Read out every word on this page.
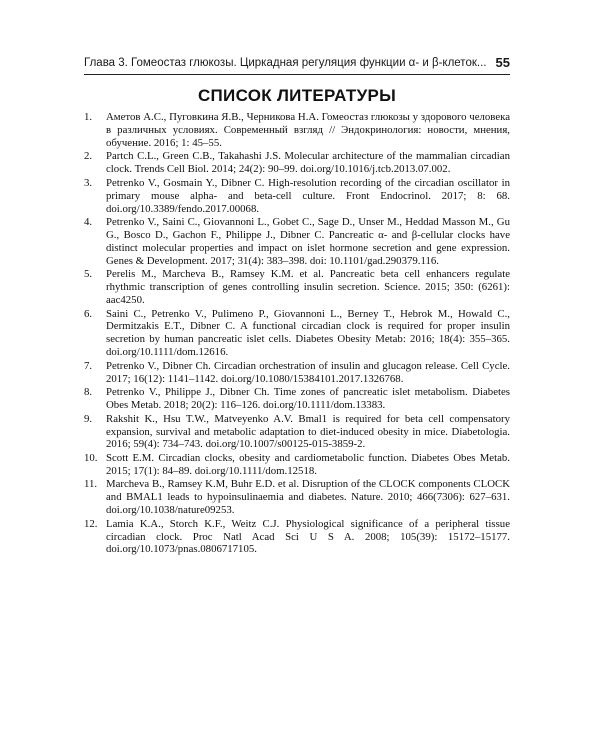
Глава 3. Гомеостаз глюкозы. Циркадная регуляция функции α- и β-клеток... 55
СПИСОК ЛИТЕРАТУРЫ
1. Аметов А.С., Пуговкина Я.В., Черникова Н.А. Гомеостаз глюкозы у здорового человека в различных условиях. Современный взгляд // Эндокринология: новости, мнения, обучение. 2016; 1: 45–55.
2. Partch C.L., Green C.B., Takahashi J.S. Molecular architecture of the mammalian circadian clock. Trends Cell Biol. 2014; 24(2): 90–99. doi.org/10.1016/j.tcb.2013.07.002.
3. Petrenko V., Gosmain Y., Dibner C. High-resolution recording of the circadian oscillator in primary mouse alpha- and beta-cell culture. Front Endocrinol. 2017; 8: 68. doi.org/10.3389/fendo.2017.00068.
4. Petrenko V., Saini C., Giovannoni L., Gobet C., Sage D., Unser M., Heddad Masson M., Gu G., Bosco D., Gachon F., Philippe J., Dibner C. Pancreatic α- and β-cellular clocks have distinct molecular properties and impact on islet hormone secretion and gene expression. Genes & Development. 2017; 31(4): 383–398. doi: 10.1101/gad.290379.116.
5. Perelis M., Marcheva B., Ramsey K.M. et al. Pancreatic beta cell enhancers regulate rhythmic transcription of genes controlling insulin secretion. Science. 2015; 350: (6261): aac4250.
6. Saini C., Petrenko V., Pulimeno P., Giovannoni L., Berney T., Hebrok M., Howald C., Dermitzakis E.T., Dibner C. A functional circadian clock is required for proper insulin secretion by human pancreatic islet cells. Diabetes Obesity Metab: 2016; 18(4): 355–365. doi.org/10.1111/dom.12616.
7. Petrenko V., Dibner Ch. Circadian orchestration of insulin and glucagon release. Cell Cycle. 2017; 16(12): 1141–1142. doi.org/10.1080/15384101.2017.1326768.
8. Petrenko V., Philippe J., Dibner Ch. Time zones of pancreatic islet metabolism. Diabetes Obes Metab. 2018; 20(2): 116–126. doi.org/10.1111/dom.13383.
9. Rakshit K., Hsu T.W., Matveyenko A.V. Bmal1 is required for beta cell compensatory expansion, survival and metabolic adaptation to diet-induced obesity in mice. Diabetologia. 2016; 59(4): 734–743. doi.org/10.1007/s00125-015-3859-2.
10. Scott E.M. Circadian clocks, obesity and cardiometabolic function. Diabetes Obes Metab. 2015; 17(1): 84–89. doi.org/10.1111/dom.12518.
11. Marcheva B., Ramsey K.M, Buhr E.D. et al. Disruption of the CLOCK components CLOCK and BMAL1 leads to hypoinsulinaemia and diabetes. Nature. 2010; 466(7306): 627–631. doi.org/10.1038/nature09253.
12. Lamia K.A., Storch K.F., Weitz C.J. Physiological significance of a peripheral tissue circadian clock. Proc Natl Acad Sci U S A. 2008; 105(39): 15172–15177. doi.org/10.1073/pnas.0806717105.
